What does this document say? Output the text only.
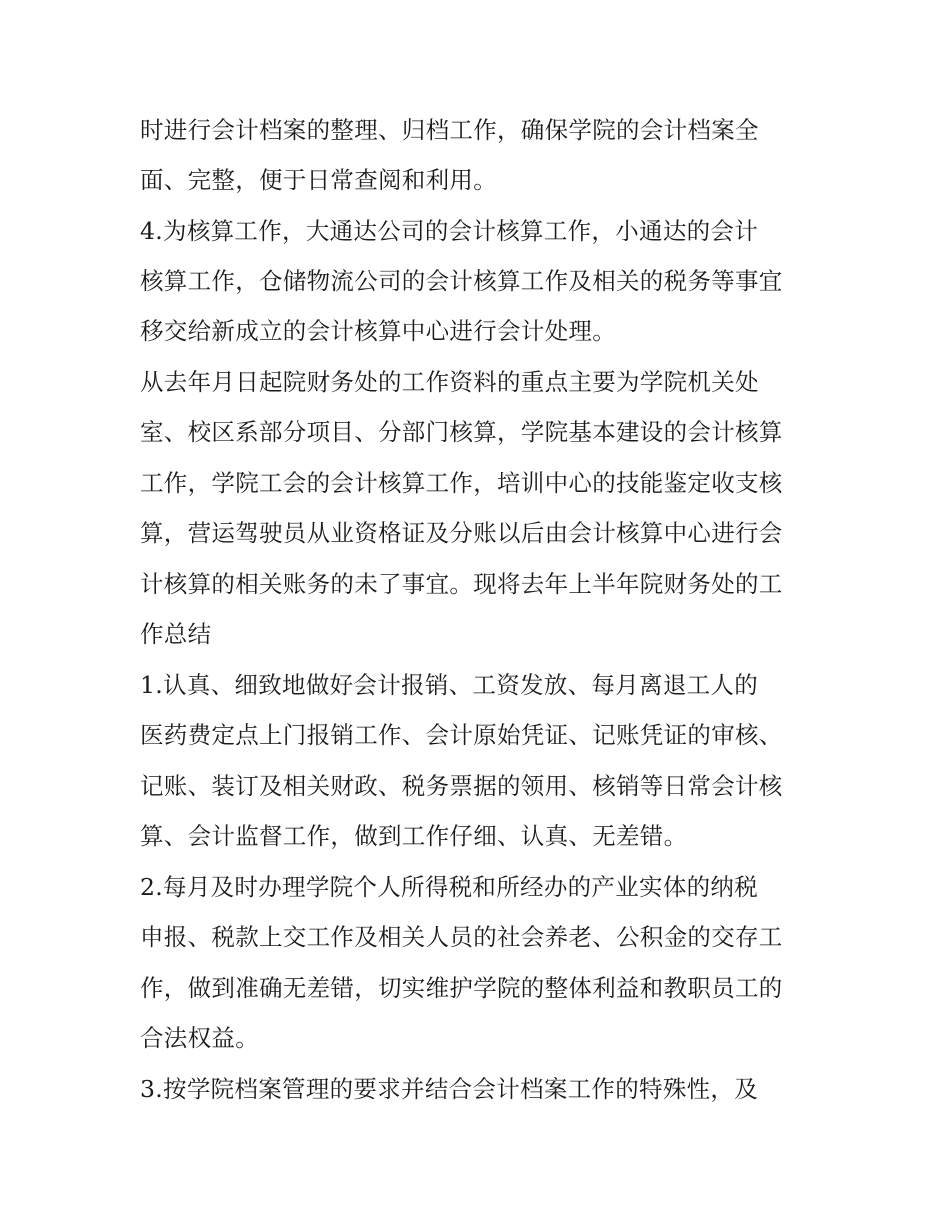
时进行会计档案的整理、归档工作，确保学院的会计档案全
面、完整，便于日常查阅和利用。
4.为核算工作，大通达公司的会计核算工作，小通达的会计
核算工作，仓储物流公司的会计核算工作及相关的税务等事宜
移交给新成立的会计核算中心进行会计处理。
从去年月日起院财务处的工作资料的重点主要为学院机关处
室、校区系部分项目、分部门核算，学院基本建设的会计核算
工作，学院工会的会计核算工作，培训中心的技能鉴定收支核
算，营运驾驶员从业资格证及分账以后由会计核算中心进行会
计核算的相关账务的未了事宜。现将去年上半年院财务处的工
作总结
1.认真、细致地做好会计报销、工资发放、每月离退工人的
医药费定点上门报销工作、会计原始凭证、记账凭证的审核、
记账、装订及相关财政、税务票据的领用、核销等日常会计核
算、会计监督工作，做到工作仔细、认真、无差错。
2.每月及时办理学院个人所得税和所经办的产业实体的纳税
申报、税款上交工作及相关人员的社会养老、公积金的交存工
作，做到准确无差错，切实维护学院的整体利益和教职员工的
合法权益。
3.按学院档案管理的要求并结合会计档案工作的特殊性，及
